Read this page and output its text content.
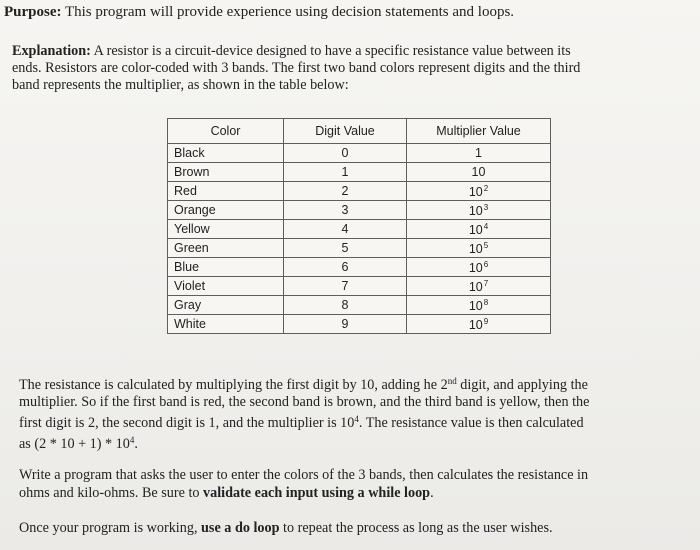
Purpose: This program will provide experience using decision statements and loops.
Explanation: A resistor is a circuit-device designed to have a specific resistance value between its
ends. Resistors are color-coded with 3 bands. The first two band colors represent digits and the third
band represents the multiplier, as shown in the table below:
Color	Digit Value	Multiplier Value
Black	0	1
Brown	1	10
Red	2	$10^2$
Orange	3	$10^3$
Yellow	4	$10^4$
Green	5	$10^5$
Blue	6	$10^6$
Violet	7	$10^7$
Gray	8	$10^8$
White	9	$10^9$
The resistance is calculated by multiplying the first digit by 10, adding he 2nd digit, and applying the
multiplier. So if the first band is red, the second band is brown, and the third band is yellow, then the
first digit is 2, the second digit is 1, and the multiplier is $10^4$. The resistance value is then calculated
as $(2 * 10 + 1) * 10^4$.
Write a program that asks the user to enter the colors of the 3 bands, then calculates the resistance in
ohms and kilo-ohms. Be sure to validate each input using a while loop.
Once your program is working, use a do loop to repeat the process as long as the user wishes.
